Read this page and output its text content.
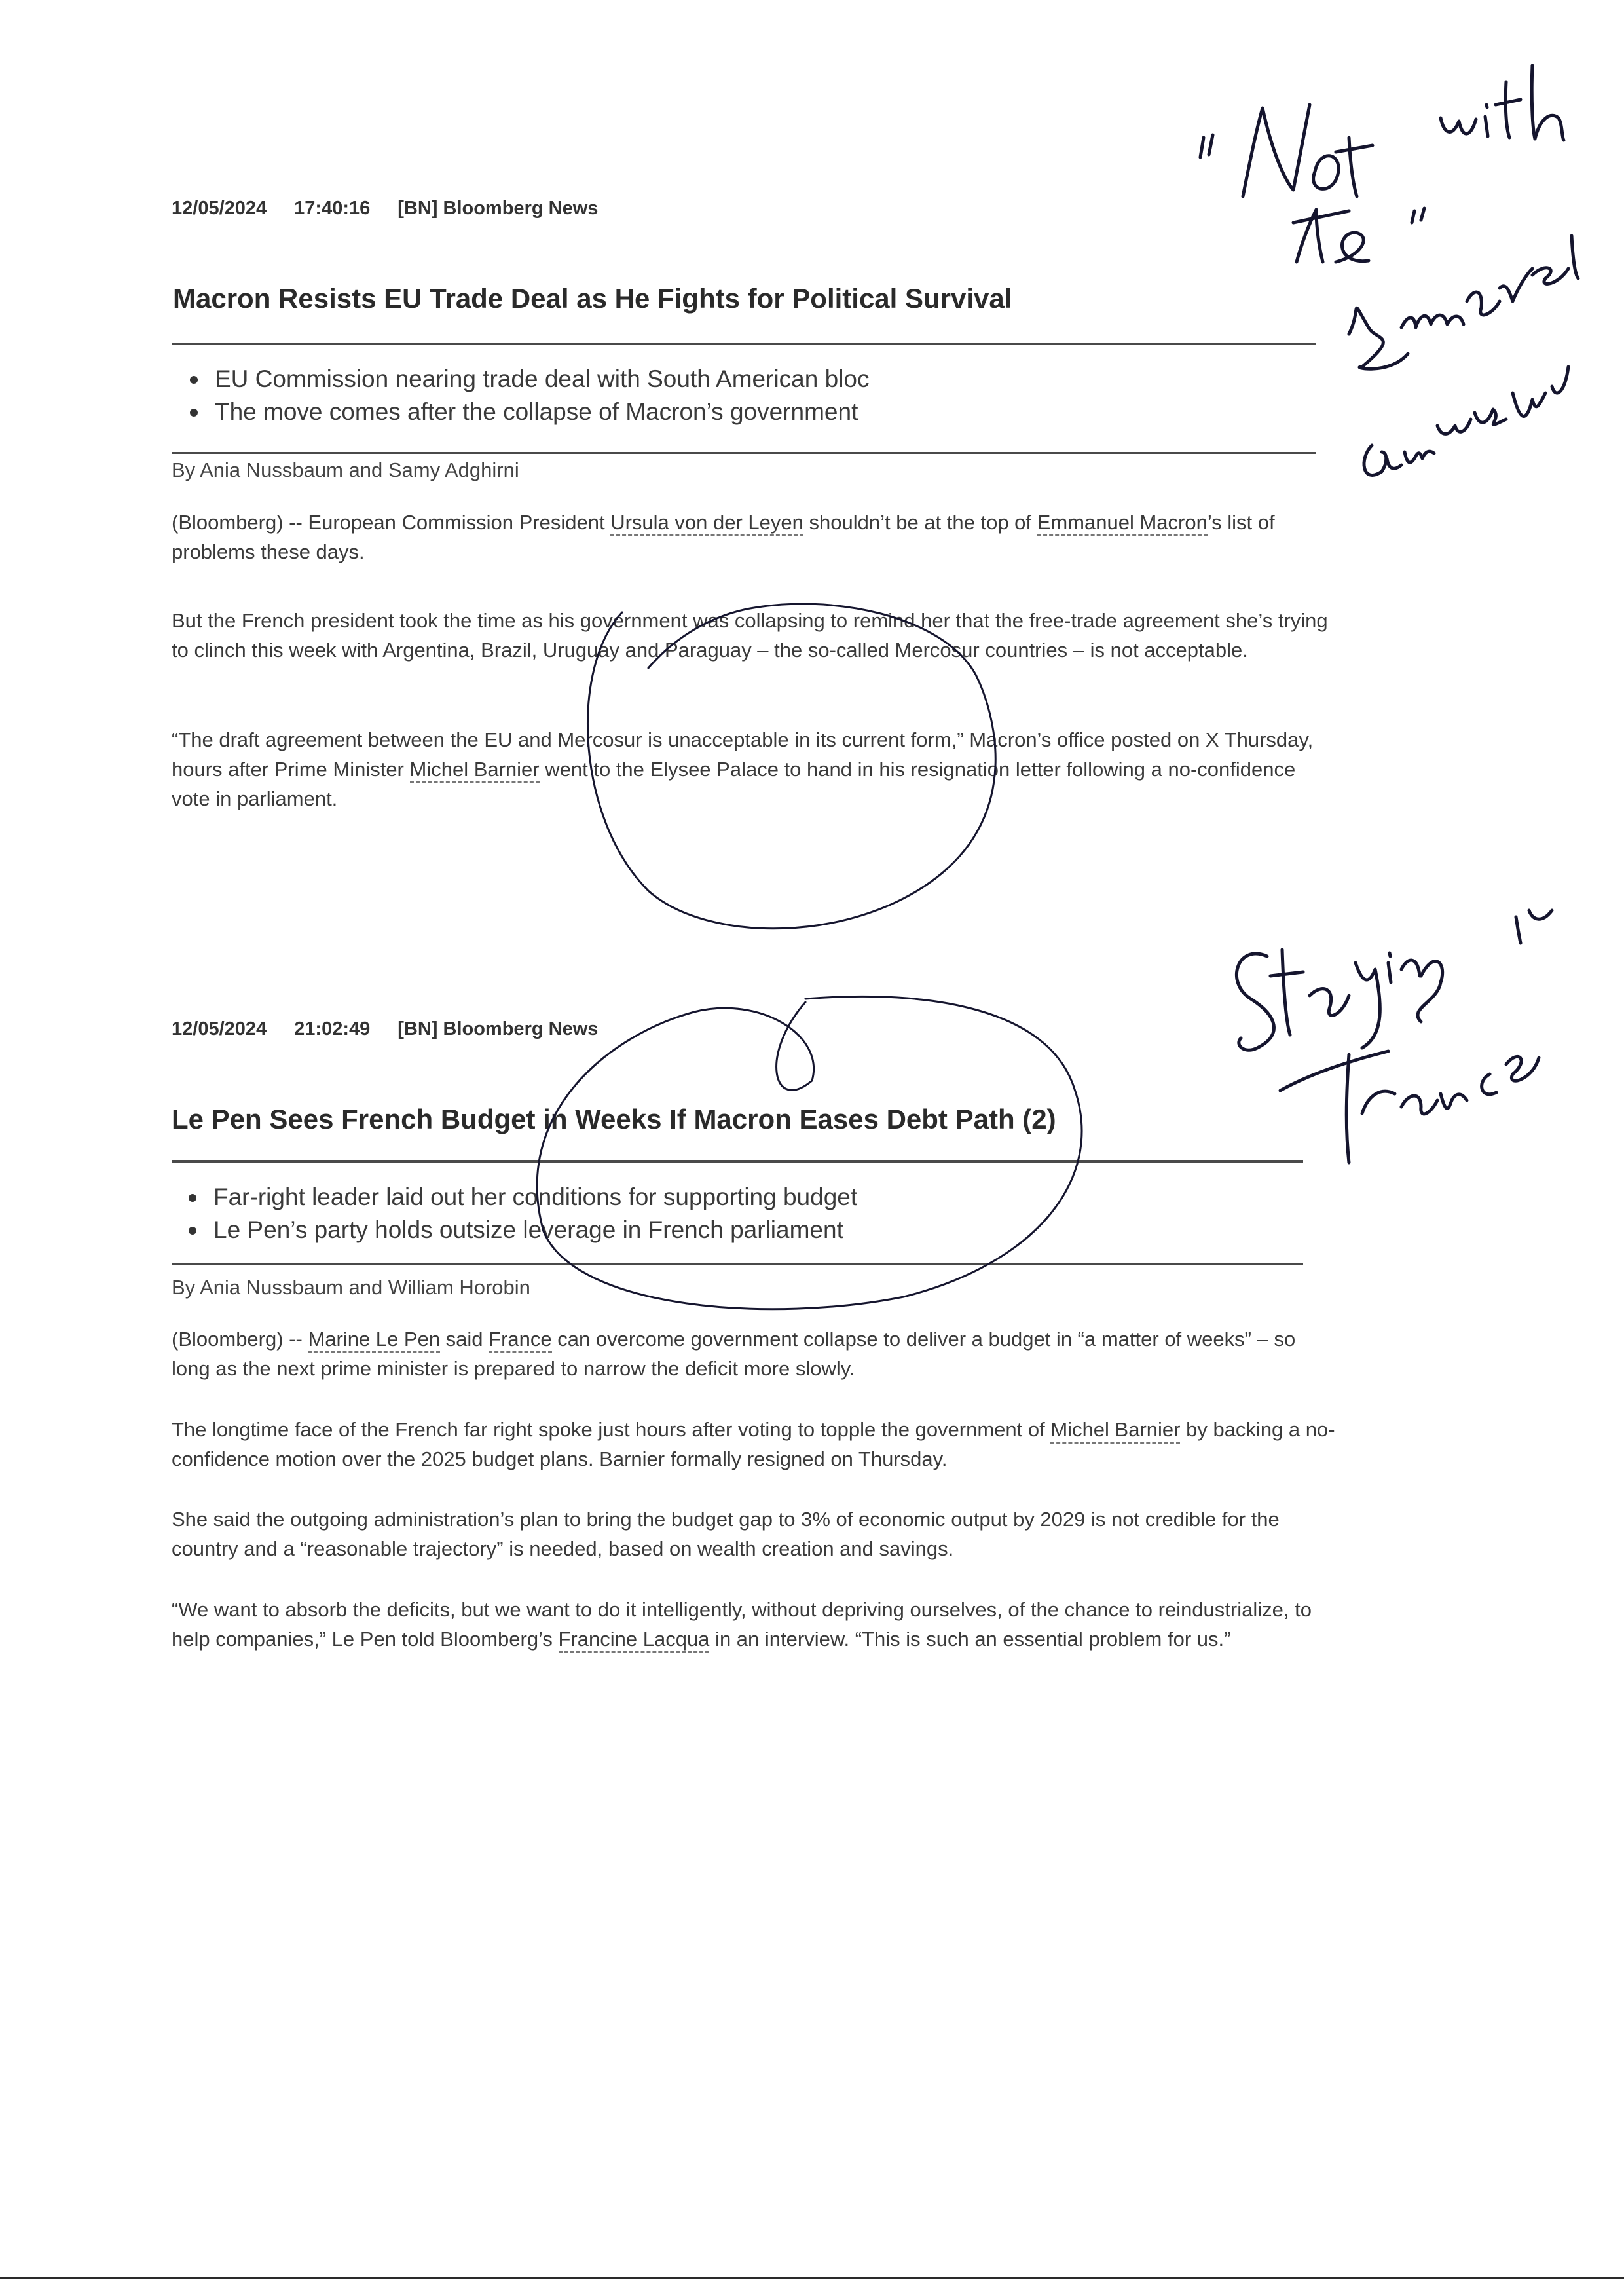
12/05/2024 17:40:16 [BN] Bloomberg News
Macron Resists EU Trade Deal as He Fights for Political Survival
EU Commission nearing trade deal with South American bloc
The move comes after the collapse of Macron’s government
By Ania Nussbaum and Samy Adghirni
(Bloomberg) -- European Commission President Ursula von der Leyen shouldn’t be at the top of Emmanuel Macron’s list of problems these days.
But the French president took the time as his government was collapsing to remind her that the free-trade agreement she’s trying to clinch this week with Argentina, Brazil, Uruguay and Paraguay – the so-called Mercosur countries – is not acceptable.
“The draft agreement between the EU and Mercosur is unacceptable in its current form,” Macron’s office posted on X Thursday, hours after Prime Minister Michel Barnier went to the Elysee Palace to hand in his resignation letter following a no-confidence vote in parliament.
12/05/2024 21:02:49 [BN] Bloomberg News
Le Pen Sees French Budget in Weeks If Macron Eases Debt Path (2)
Far-right leader laid out her conditions for supporting budget
Le Pen’s party holds outsize leverage in French parliament
By Ania Nussbaum and William Horobin
(Bloomberg) -- Marine Le Pen said France can overcome government collapse to deliver a budget in “a matter of weeks” – so long as the next prime minister is prepared to narrow the deficit more slowly.
The longtime face of the French far right spoke just hours after voting to topple the government of Michel Barnier by backing a no-confidence motion over the 2025 budget plans. Barnier formally resigned on Thursday.
She said the outgoing administration’s plan to bring the budget gap to 3% of economic output by 2029 is not credible for the country and a “reasonable trajectory” is needed, based on wealth creation and savings.
“We want to absorb the deficits, but we want to do it intelligently, without depriving ourselves, of the chance to reindustrialize, to help companies,” Le Pen told Bloomberg’s Francine Lacqua in an interview. “This is such an essential problem for us.”
